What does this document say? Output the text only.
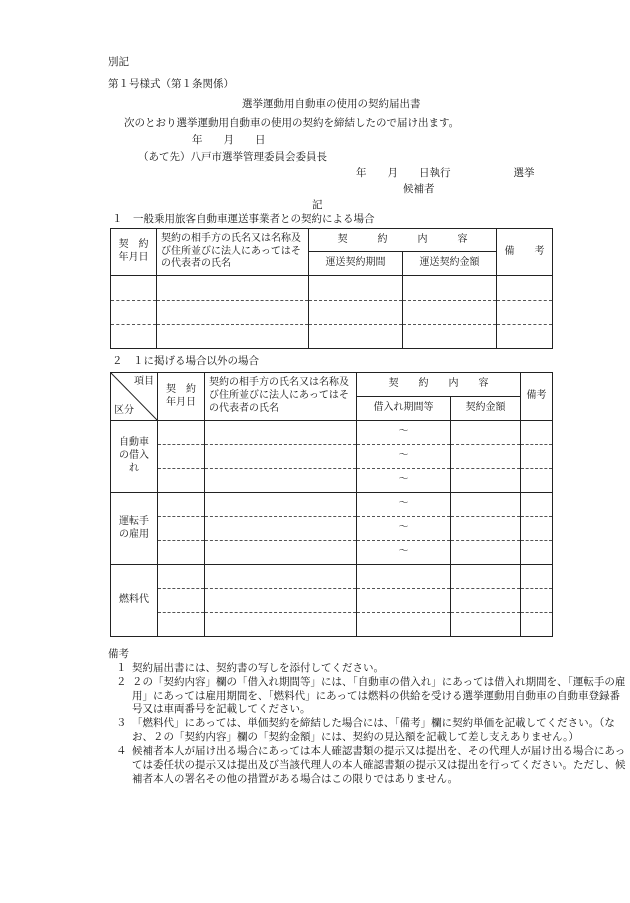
別記
第１号様式（第１条関係）
選挙運動用自動車の使用の契約届出書
次のとおり選挙運動用自動車の使用の契約を締結したので届け出ます。
年　　月　　日
（あて先）八戸市選挙管理委員会委員長
年　　月　　日執行　　　　　　選挙
候補者
記
１　一般乗用旅客自動車運送事業者との契約による場合
契　約
年月日	契約の相手方の氏名又は名称及び住所並びに法人にあってはその代表者の氏名	契　　　約　　　内　　　容		備　　考
		運送契約期間	運送契約金額	

２　１に掲げる場合以外の場合
項目
区分	契　約
年月日	契約の相手方の氏名又は名称及び住所並びに法人にあってはその代表者の氏名	契　　約　　内　　容		備考
			借入れ期間等	契約金額	
自動車の借入れ			～		
			～		
			～		
運転手の雇用			～		
			～		
			～		
燃料代					

備考
１ 契約届出書には、契約書の写しを添付してください。
２ ２の「契約内容」欄の「借入れ期間等」には、「自動車の借入れ」にあっては借入れ期間を、「運転手の雇用」にあっては雇用期間を、「燃料代」にあっては燃料の供給を受ける選挙運動用自動車の自動車登録番号又は車両番号を記載してください。
３ 「燃料代」にあっては、単価契約を締結した場合には、「備考」欄に契約単価を記載してください。（なお、２の「契約内容」欄の「契約金額」には、契約の見込額を記載して差し支えありません。）
４ 候補者本人が届け出る場合にあっては本人確認書類の提示又は提出を、その代理人が届け出る場合にあっては委任状の提示又は提出及び当該代理人の本人確認書類の提示又は提出を行ってください。ただし、候補者本人の署名その他の措置がある場合はこの限りではありません。
